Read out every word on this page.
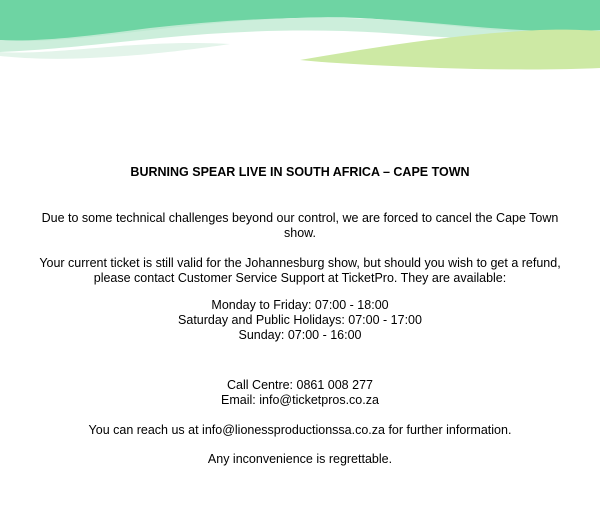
BURNING SPEAR LIVE IN SOUTH AFRICA – CAPE TOWN
Due to some technical challenges beyond our control, we are forced to cancel the Cape Town
show.
Your current ticket is still valid for the Johannesburg show, but should you wish to get a refund,
please contact Customer Service Support at TicketPro. They are available:
Monday to Friday: 07:00 - 18:00
Saturday and Public Holidays: 07:00 - 17:00
Sunday: 07:00 - 16:00
Call Centre: 0861 008 277
Email: info@ticketpros.co.za
You can reach us at info@lionessproductionssa.co.za for further information.
Any inconvenience is regrettable.
